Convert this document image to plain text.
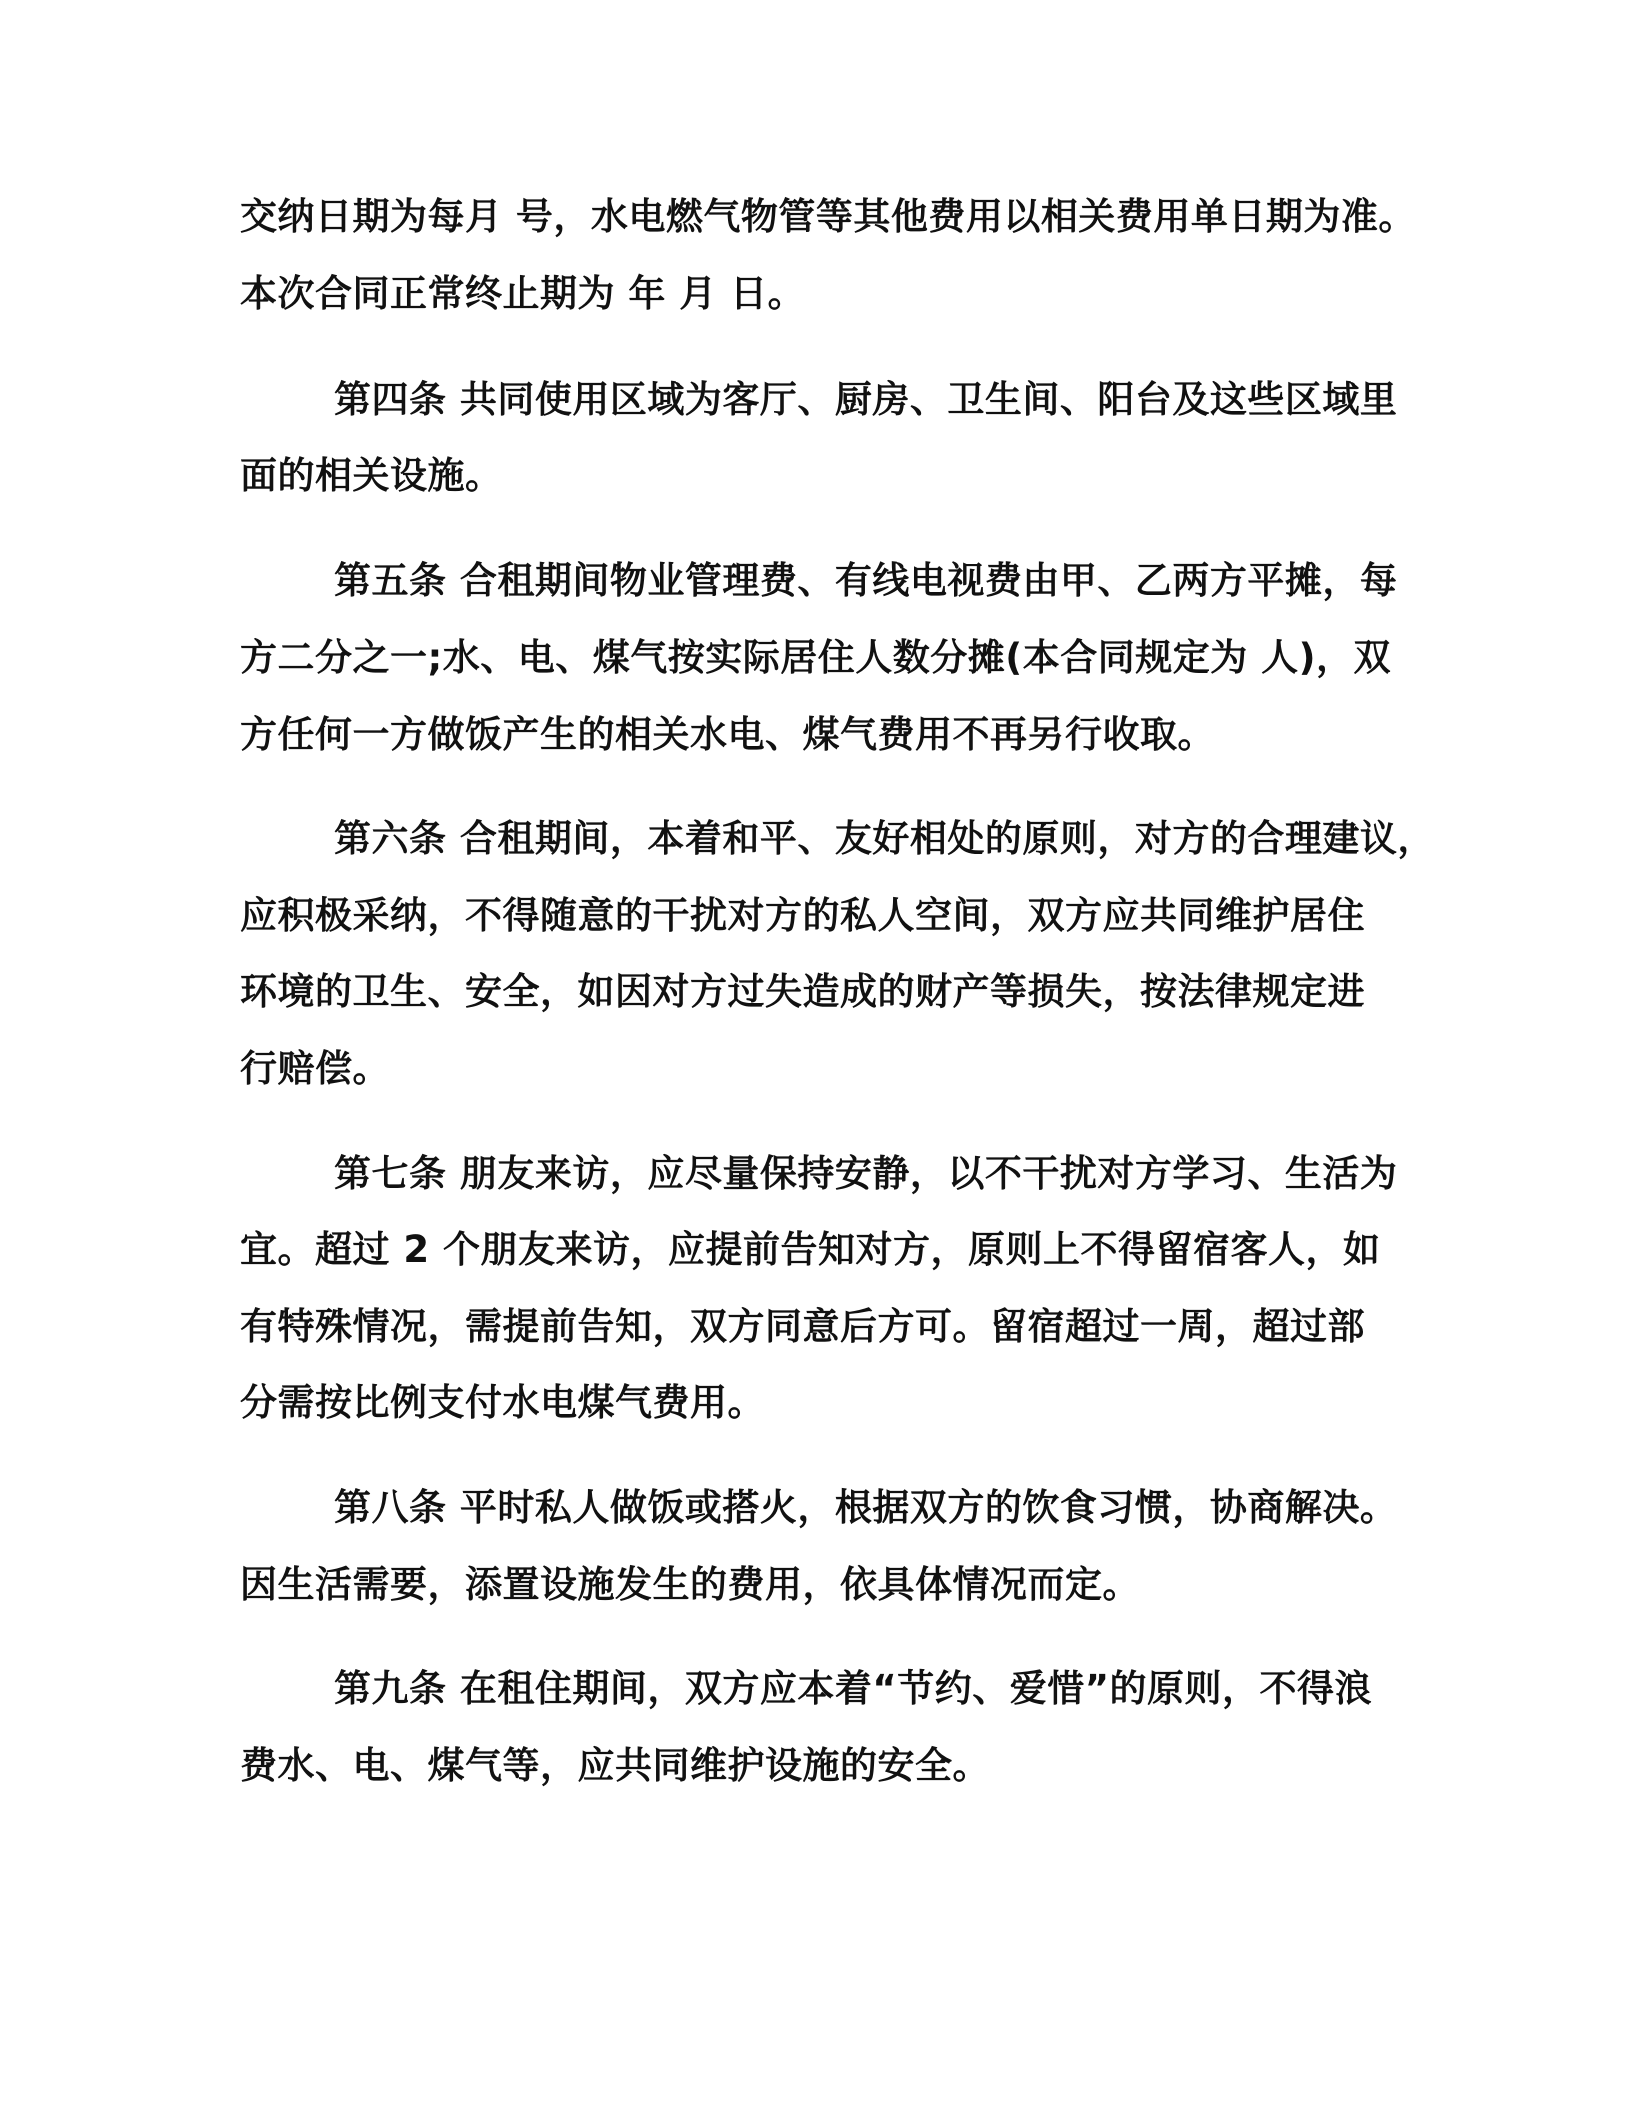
交纳日期为每月 号，水电燃气物管等其他费用以相关费用单日期为准。
本次合同正常终止期为 年 月 日。
第四条 共同使用区域为客厅、厨房、卫生间、阳台及这些区域里
面的相关设施。
第五条 合租期间物业管理费、有线电视费由甲、乙两方平摊，每
方二分之一;水、电、煤气按实际居住人数分摊(本合同规定为 人)，双
方任何一方做饭产生的相关水电、煤气费用不再另行收取。
第六条 合租期间，本着和平、友好相处的原则，对方的合理建议，
应积极采纳，不得随意的干扰对方的私人空间，双方应共同维护居住
环境的卫生、安全，如因对方过失造成的财产等损失，按法律规定进
行赔偿。
第七条 朋友来访，应尽量保持安静，以不干扰对方学习、生活为
宜。超过 2 个朋友来访，应提前告知对方，原则上不得留宿客人，如
有特殊情况，需提前告知，双方同意后方可。留宿超过一周，超过部
分需按比例支付水电煤气费用。
第八条 平时私人做饭或搭火，根据双方的饮食习惯，协商解决。
因生活需要，添置设施发生的费用，依具体情况而定。
第九条 在租住期间，双方应本着“节约、爱惜”的原则，不得浪
费水、电、煤气等，应共同维护设施的安全。
